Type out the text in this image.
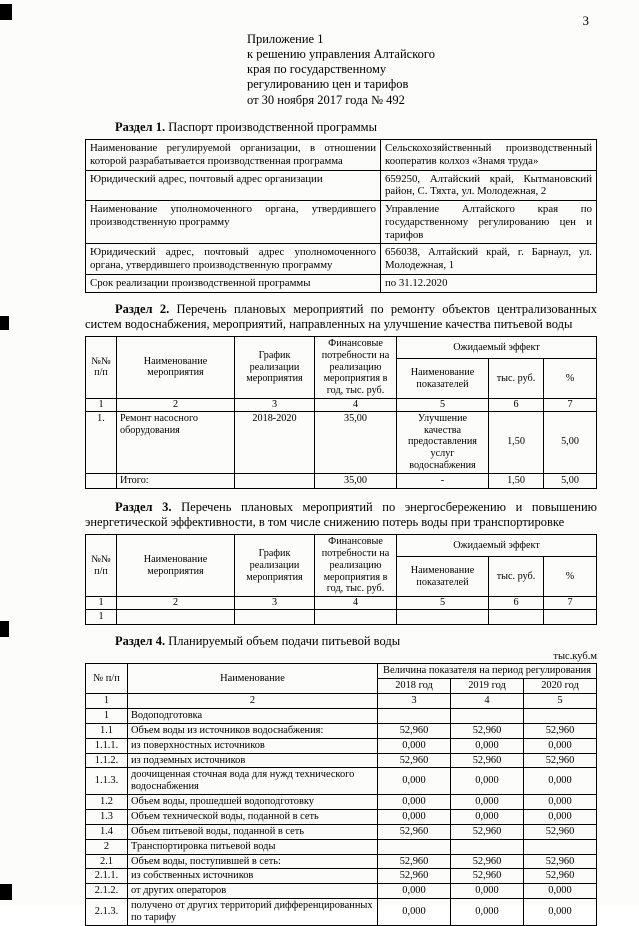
3
Приложение 1
к решению управления Алтайского
края по государственному
регулированию цен и тарифов
от 30 ноября 2017 года № 492

Раздел 1. Паспорт производственной программы

Наименование регулируемой организации, в отношении которой разрабатывается производственная программа	Сельскохозяйственный производственный кооператив колхоз «Знамя труда»
Юридический адрес, почтовый адрес организации	659250, Алтайский край, Кытмановский район, С. Тяхта, ул. Молодежная, 2
Наименование уполномоченного органа, утвердившего производственную программу	Управление Алтайского края по государственному регулированию цен и тарифов
Юридический адрес, почтовый адрес уполномоченного органа, утвердившего производственную программу	656038, Алтайский край, г. Барнаул, ул. Молодежная, 1
Срок реализации производственной программы	по 31.12.2020

Раздел 2. Перечень плановых мероприятий по ремонту объектов централизованных систем водоснабжения, мероприятий, направленных на улучшение качества питьевой воды

№№ п/п	Наименование мероприятия	График реализации мероприятия	Финансовые потребности на реализацию мероприятия в год, тыс. руб.	Ожидаемый эффект		
				Наименование показателей	тыс. руб.	%
1	2	3	4	5	6	7
1.	Ремонт насосного оборудования	2018-2020	35,00	Улучшение качества предоставления услуг водоснабжения	1,50	5,00
	Итого:		35,00	-	1,50	5,00

Раздел 3. Перечень плановых мероприятий по энергосбережению и повышению энергетической эффективности, в том числе снижению потерь воды при транспортировке

№№ п/п	Наименование мероприятия	График реализации мероприятия	Финансовые потребности на реализацию мероприятия в год, тыс. руб.	Ожидаемый эффект		
				Наименование показателей	тыс. руб.	%
1	2	3	4	5	6	7
1						

Раздел 4. Планируемый объем подачи питьевой воды

тыс.куб.м
№ п/п	Наименование	Величина показателя на период регулирования		
		2018 год	2019 год	2020 год
1	2	3	4	5
1	Водоподготовка			
1.1	Объем воды из источников водоснабжения:	52,960	52,960	52,960
1.1.1.	из поверхностных источников	0,000	0,000	0,000
1.1.2.	из подземных источников	52,960	52,960	52,960
1.1.3.	доочищенная сточная вода для нужд технического водоснабжения	0,000	0,000	0,000
1.2	Объем воды, прошедшей водоподготовку	0,000	0,000	0,000
1.3	Объем технической воды, поданной в сеть	0,000	0,000	0,000
1.4	Объем питьевой воды, поданной в сеть	52,960	52,960	52,960
2	Транспортировка питьевой воды			
2.1	Объем воды, поступившей в сеть:	52,960	52,960	52,960
2.1.1.	из собственных источников	52,960	52,960	52,960
2.1.2.	от других операторов	0,000	0,000	0,000
2.1.3.	получено от других территорий дифференцированных по тарифу	0,000	0,000	0,000
